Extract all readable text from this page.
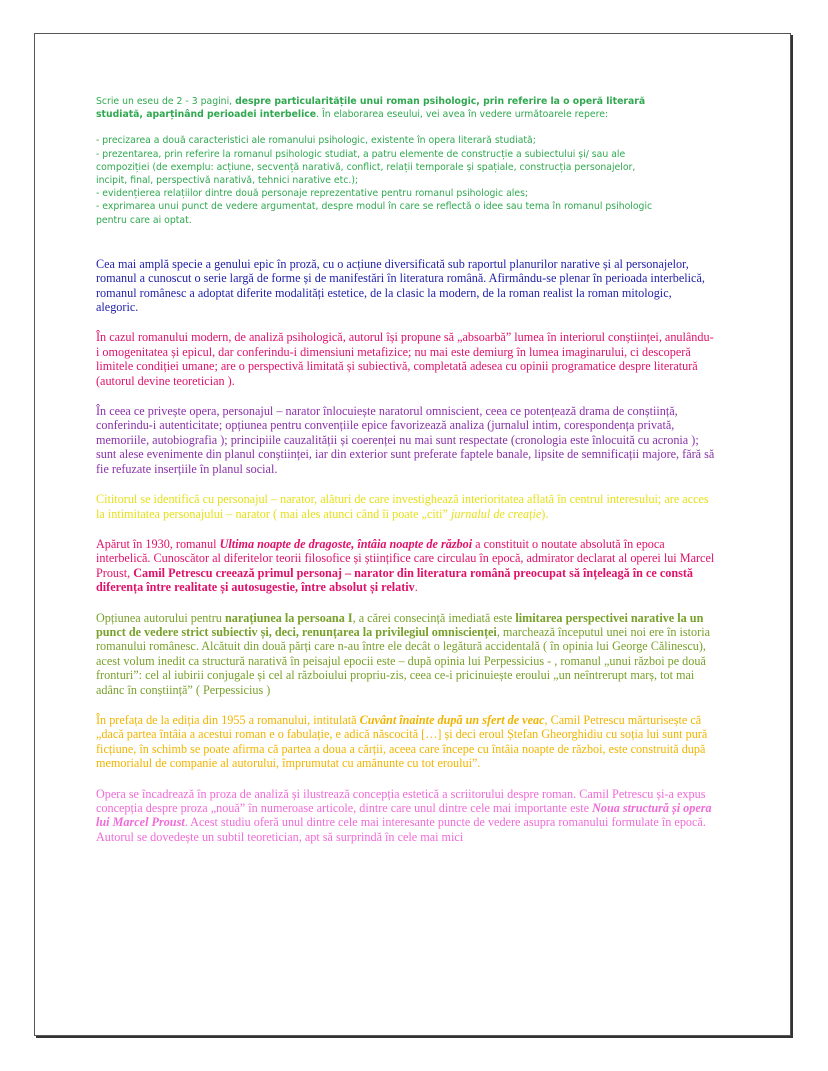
Scrie un eseu de 2 - 3 pagini, despre particularitățile unui roman psihologic, prin referire la o operă literară studiată, aparținând perioadei interbelice. În elaborarea eseului, vei avea în vedere următoarele repere:
- precizarea a două caracteristici ale romanului psihologic, existente în opera literară studiată;
- prezentarea, prin referire la romanul psihologic studiat, a patru elemente de construcție a subiectului și/ sau ale compoziției (de exemplu: acțiune, secvență narativă, conflict, relații temporale și spațiale, construcția personajelor, incipit, final, perspectivă narativă, tehnici narative etc.);
- evidențierea relațiilor dintre două personaje reprezentative pentru romanul psihologic ales;
- exprimarea unui punct de vedere argumentat, despre modul în care se reflectă o idee sau tema în romanul psihologic pentru care ai optat.

Cea mai amplă specie a genului epic în proză, cu o acțiune diversificată sub raportul planurilor narative și al personajelor, romanul a cunoscut o serie largă de forme și de manifestări în literatura română. Afirmându-se plenar în perioada interbelică, romanul românesc a adoptat diferite modalități estetice, de la clasic la modern, de la roman realist la roman mitologic, alegoric.

În cazul romanului modern, de analiză psihologică, autorul își propune să „absoarbă” lumea în interiorul conștiinței, anulându-i omogenitatea și epicul, dar conferindu-i dimensiuni metafizice; nu mai este demiurg în lumea imaginarului, ci descoperă limitele condiției umane; are o perspectivă limitată și subiectivă, completată adesea cu opinii programatice despre literatură (autorul devine teoretician ).

În ceea ce privește opera, personajul – narator înlocuiește naratorul omniscient, ceea ce potențează drama de conștiință, conferindu-i autenticitate; opțiunea pentru convențiile epice favorizează analiza (jurnalul intim, corespondența privată, memoriile, autobiografia ); principiile cauzalității și coerenței nu mai sunt respectate (cronologia este înlocuită cu acronia ); sunt alese evenimente din planul conștiinței, iar din exterior sunt preferate faptele banale, lipsite de semnificații majore, fără să fie refuzate inserțiile în planul social.

Cititorul se identifică cu personajul – narator, alături de care investighează interioritatea aflată în centrul interesului; are acces la intimitatea personajului – narator ( mai ales atunci când îi poate „citi” jurnalul de creație).

Apărut în 1930, romanul Ultima noapte de dragoste, întâia noapte de război a constituit o noutate absolută în epoca interbelică. Cunoscător al diferitelor teorii filosofice și științifice care circulau în epocă, admirator declarat al operei lui Marcel Proust, Camil Petrescu creează primul personaj – narator din literatura română preocupat să înțeleagă în ce constă diferența între realitate și autosugestie, între absolut și relativ.

Opțiunea autorului pentru narațiunea la persoana I, a cărei consecință imediată este limitarea perspectivei narative la un punct de vedere strict subiectiv și, deci, renunțarea la privilegiul omniscienței, marchează începutul unei noi ere în istoria romanului românesc. Alcătuit din două părți care n-au între ele decât o legătură accidentală ( în opinia lui George Călinescu), acest volum inedit ca structură narativă în peisajul epocii este – după opinia lui Perpessicius - , romanul „unui război pe două fronturi”: cel al iubirii conjugale și cel al războiului propriu-zis, ceea ce-i pricinuiește eroului „un neîntrerupt marș, tot mai adânc în conștiință” ( Perpessicius )

În prefața de la ediția din 1955 a romanului, intitulată Cuvânt înainte după un sfert de veac, Camil Petrescu mărturisește că „dacă partea întâia a acestui roman e o fabulație, e adică născocită […] și deci eroul Ștefan Gheorghidiu cu soția lui sunt pură ficțiune, în schimb se poate afirma că partea a doua a cărții, aceea care începe cu întâia noapte de război, este construită după memorialul de companie al autorului, împrumutat cu amănunte cu tot eroului”.

Opera se încadrează în proza de analiză și ilustrează concepția estetică a scriitorului despre roman. Camil Petrescu și-a expus concepția despre proza „nouă” în numeroase articole, dintre care unul dintre cele mai importante este Noua structură și opera lui Marcel Proust. Acest studiu oferă unul dintre cele mai interesante puncte de vedere asupra romanului formulate în epocă. Autorul se dovedește un subtil teoretician, apt să surprindă în cele mai mici
